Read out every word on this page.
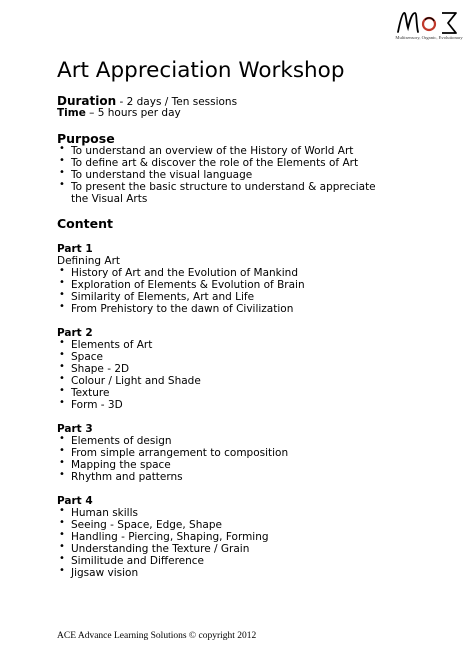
Multisensory, Organic, Evolutionary
Art Appreciation Workshop
Duration - 2 days / Ten sessions
Time – 5 hours per day
Purpose
• To understand an overview of the History of World Art
• To define art & discover the role of the Elements of Art
• To understand the visual language
• To present the basic structure to understand & appreciate the Visual Arts
Content
Part 1
Defining Art
• History of Art and the Evolution of Mankind
• Exploration of Elements & Evolution of Brain
• Similarity of Elements, Art and Life
• From Prehistory to the dawn of Civilization
Part 2
• Elements of Art
• Space
• Shape - 2D
• Colour / Light and Shade
• Texture
• Form - 3D
Part 3
• Elements of design
• From simple arrangement to composition
• Mapping the space
• Rhythm and patterns
Part 4
• Human skills
• Seeing - Space, Edge, Shape
• Handling - Piercing, Shaping, Forming
• Understanding the Texture / Grain
• Similitude and Difference
• Jigsaw vision
ACE Advance Learning Solutions © copyright 2012
